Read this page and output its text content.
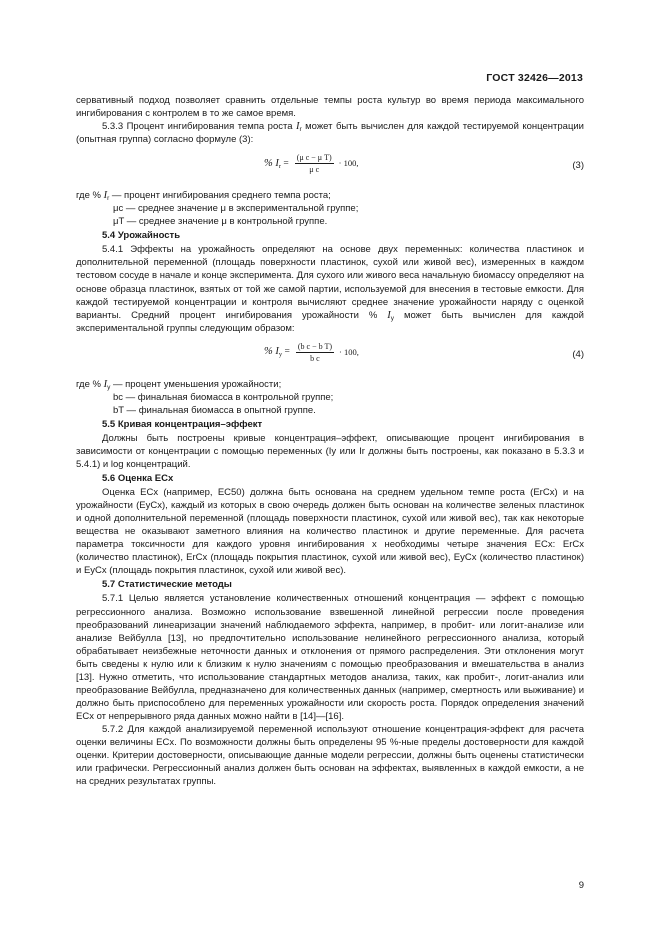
ГОСТ 32426—2013

сервативный подход позволяет сравнить отдельные темпы роста культур во время периода максимального ингибирования с контролем в то же самое время.

5.3.3 Процент ингибирования темпа роста $I_r$ может быть вычислен для каждой тестируемой концентрации (опытная группа) согласно формуле (3):

% $I_r = \frac{\text{(μ c − μ T)}}{\text{μ c}} \cdot 100$,	(3)

где % $I_r$ — процент ингибирования среднего темпа роста;

μc — среднее значение μ в экспериментальной группе;

μT — среднее значение μ в контрольной группе.

5.4 Урожайность

5.4.1 Эффекты на урожайность определяют на основе двух переменных: количества пластинок и дополнительной переменной (площадь поверхности пластинок, сухой или живой вес), измеренных в каждом тестовом сосуде в начале и конце эксперимента. Для сухого или живого веса начальную биомассу определяют на основе образца пластинок, взятых от той же самой партии, используемой для внесения в тестовые емкости. Для каждой тестируемой концентрации и контроля вычисляют среднее значение урожайности наряду с оценкой варианты. Средний процент ингибирования урожайности % $I_y$ может быть вычислен для каждой экспериментальной группы следующим образом:

% $I_y = \frac{\text{(b c − b T)}}{\text{b c}} \cdot 100$,	(4)

где % $I_y$ — процент уменьшения урожайности;

bc — финальная биомасса в контрольной группе;

bT — финальная биомасса в опытной группе.

5.5 Кривая концентрация–эффект

Должны быть построены кривые концентрация–эффект, описывающие процент ингибирования в зависимости от концентрации с помощью переменных (Iy или Ir должны быть построены, как показано в 5.3.3 и 5.4.1) и log концентраций.

5.6 Оценка ECx

Оценка ECx (например, EC50) должна быть основана на среднем удельном темпе роста (ErCx) и на урожайности (EyCx), каждый из которых в свою очередь должен быть основан на количестве зеленых пластинок и одной дополнительной переменной (площадь поверхности пластинок, сухой или живой вес), так как некоторые вещества не оказывают заметного влияния на количество пластинок и другие переменные. Для расчета параметра токсичности для каждого уровня ингибирования х необходимы четыре значения ECx: ErCx (количество пластинок), ErCx (площадь покрытия пластинок, сухой или живой вес), EyCx (количество пластинок) и EyCx (площадь покрытия пластинок, сухой или живой вес).

5.7 Статистические методы

5.7.1 Целью является установление количественных отношений концентрация — эффект с помощью регрессионного анализа. Возможно использование взвешенной линейной регрессии после проведения преобразований линеаризации значений наблюдаемого эффекта, например, в пробит- или логит-анализе или анализе Вейбулла [13], но предпочтительно использование нелинейного регрессионного анализа, который обрабатывает неизбежные неточности данных и отклонения от прямого распределения. Эти отклонения могут быть сведены к нулю или к близким к нулю значениям с помощью преобразования и вмешательства в анализ [13]. Нужно отметить, что использование стандартных методов анализа, таких, как пробит-, логит-анализ или преобразование Вейбулла, предназначено для количественных данных (например, смертность или выживание) и должно быть приспособлено для переменных урожайности или скорость роста. Порядок определения значений ECx от непрерывного ряда данных можно найти в [14]—[16].

5.7.2 Для каждой анализируемой переменной используют отношение концентрация-эффект для расчета оценки величины ECx. По возможности должны быть определены 95 %-ные пределы достоверности для каждой оценки. Критерии достоверности, описывающие данные модели регрессии, должны быть оценены статистически или графически. Регрессионный анализ должен быть основан на эффектах, выявленных в каждой емкости, а не на средних результатах группы.

9
